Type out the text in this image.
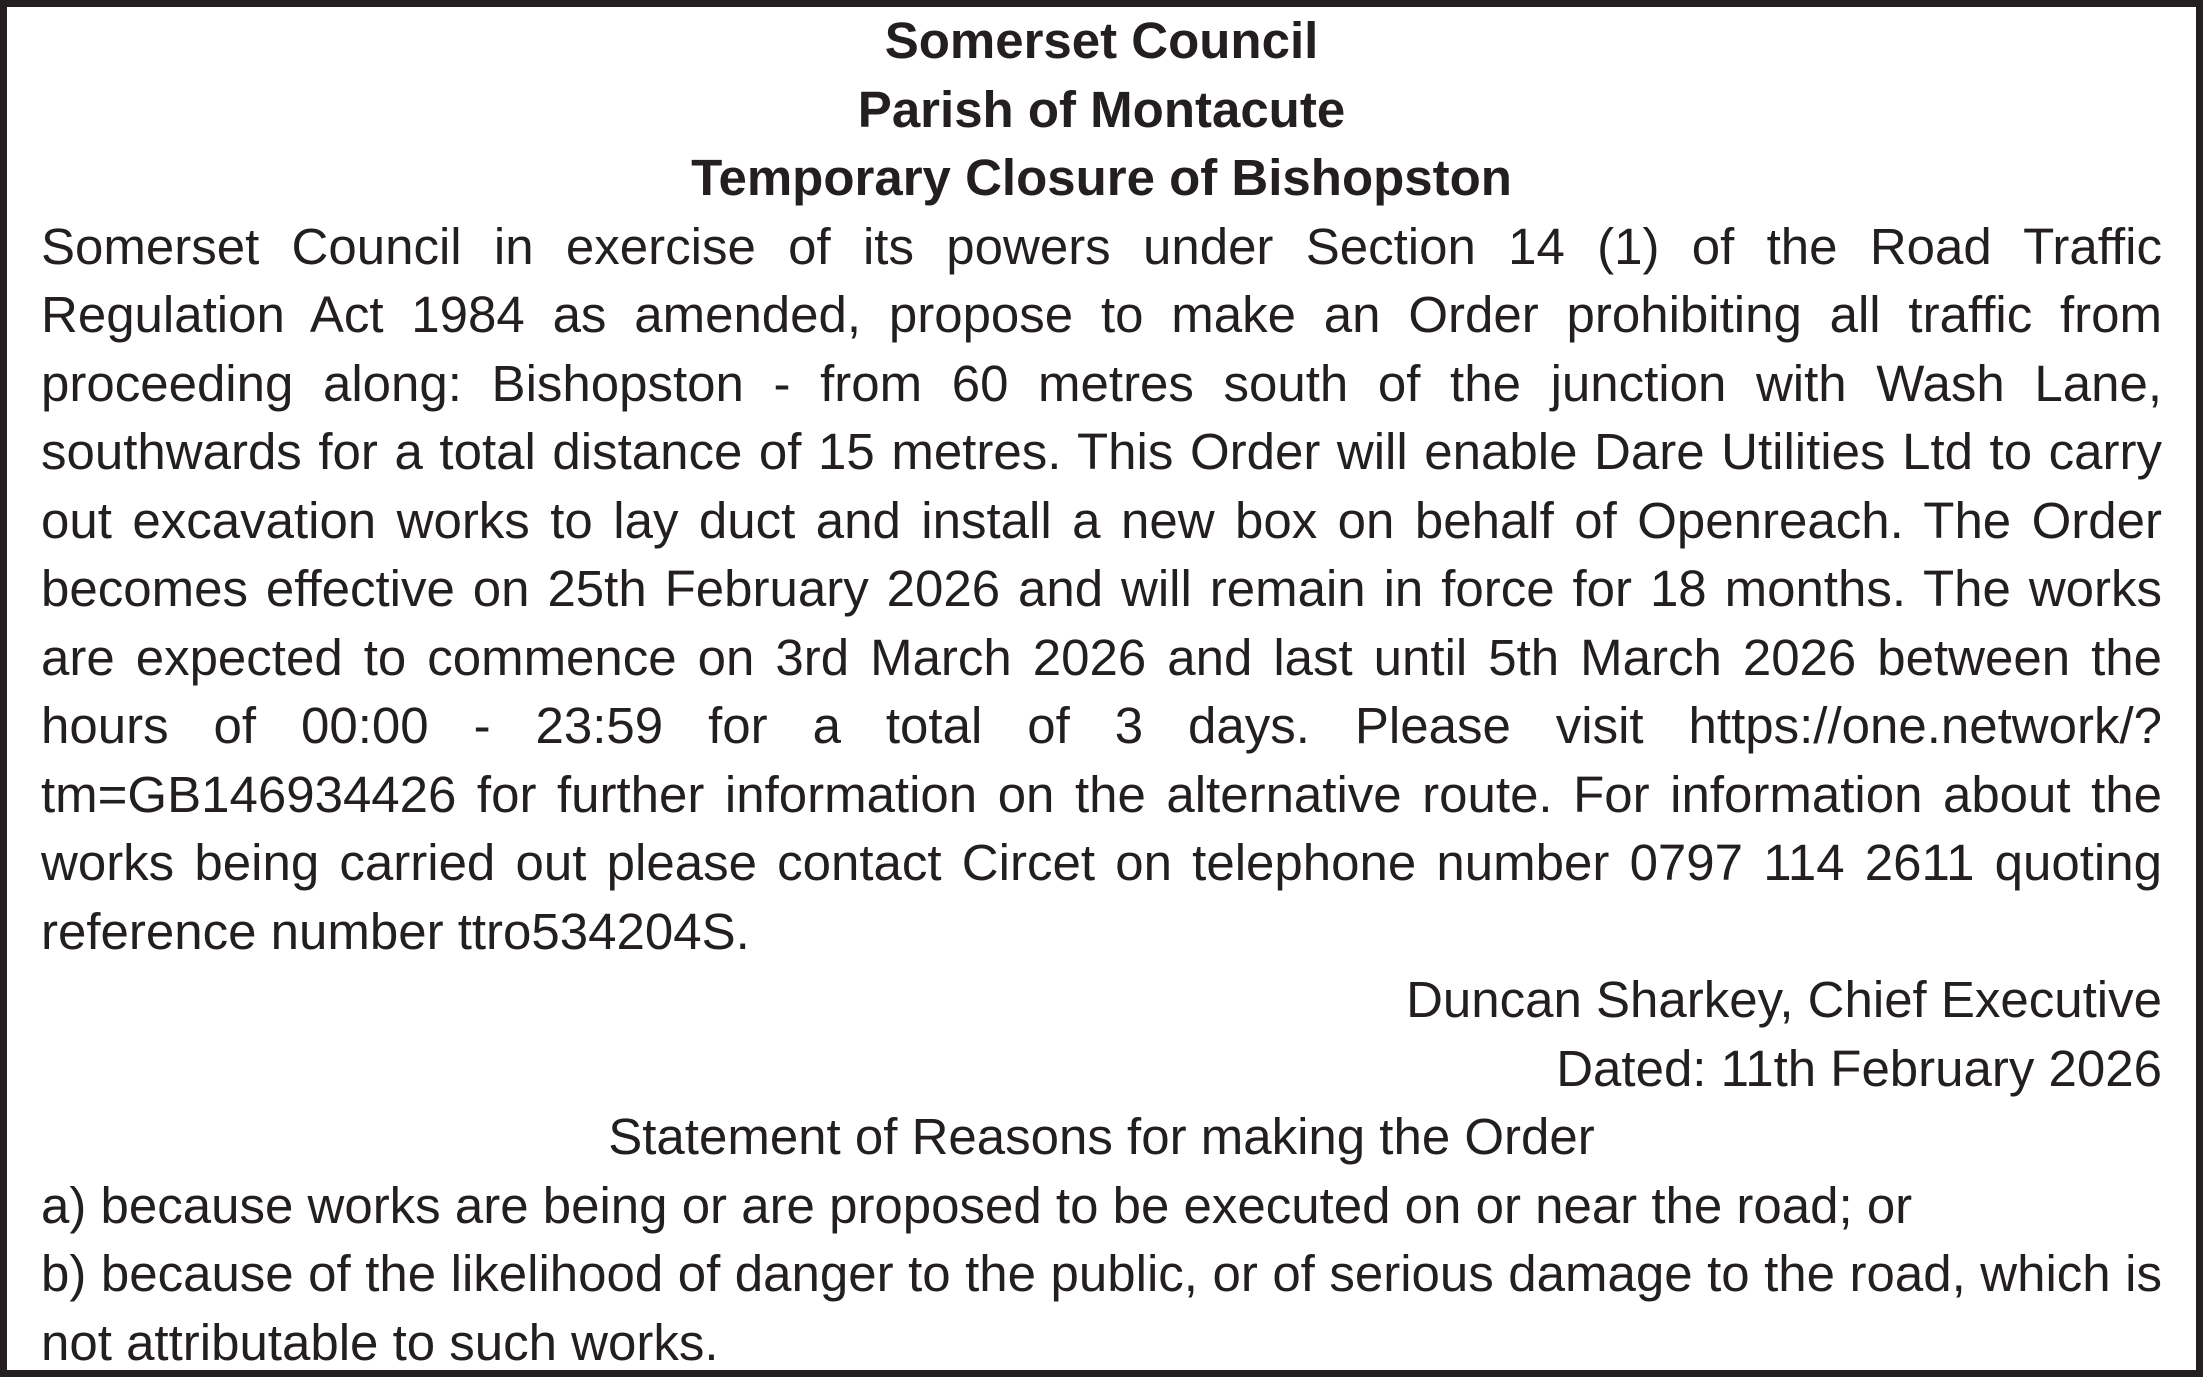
Somerset Council

Parish of Montacute

Temporary Closure of Bishopston

Somerset Council in exercise of its powers under Section 14 (1) of the Road Traffic Regulation Act 1984 as amended, propose to make an Order prohibiting all traffic from proceeding along: Bishopston - from 60 metres south of the junction with Wash Lane, southwards for a total distance of 15 metres. This Order will enable Dare Utilities Ltd to carry out excavation works to lay duct and install a new box on behalf of Openreach. The Order becomes effective on 25th February 2026 and will remain in force for 18 months. The works are expected to commence on 3rd March 2026 and last until 5th March 2026 between the hours of 00:00 - 23:59 for a total of 3 days. Please visit https://one.network/?tm=GB146934426 for further information on the alternative route. For information about the works being carried out please contact Circet on telephone number 0797 114 2611 quoting reference number ttro534204S.

Duncan Sharkey, Chief Executive

Dated: 11th February 2026

Statement of Reasons for making the Order

a) because works are being or are proposed to be executed on or near the road; or

b) because of the likelihood of danger to the public, or of serious damage to the road, which is not attributable to such works.
